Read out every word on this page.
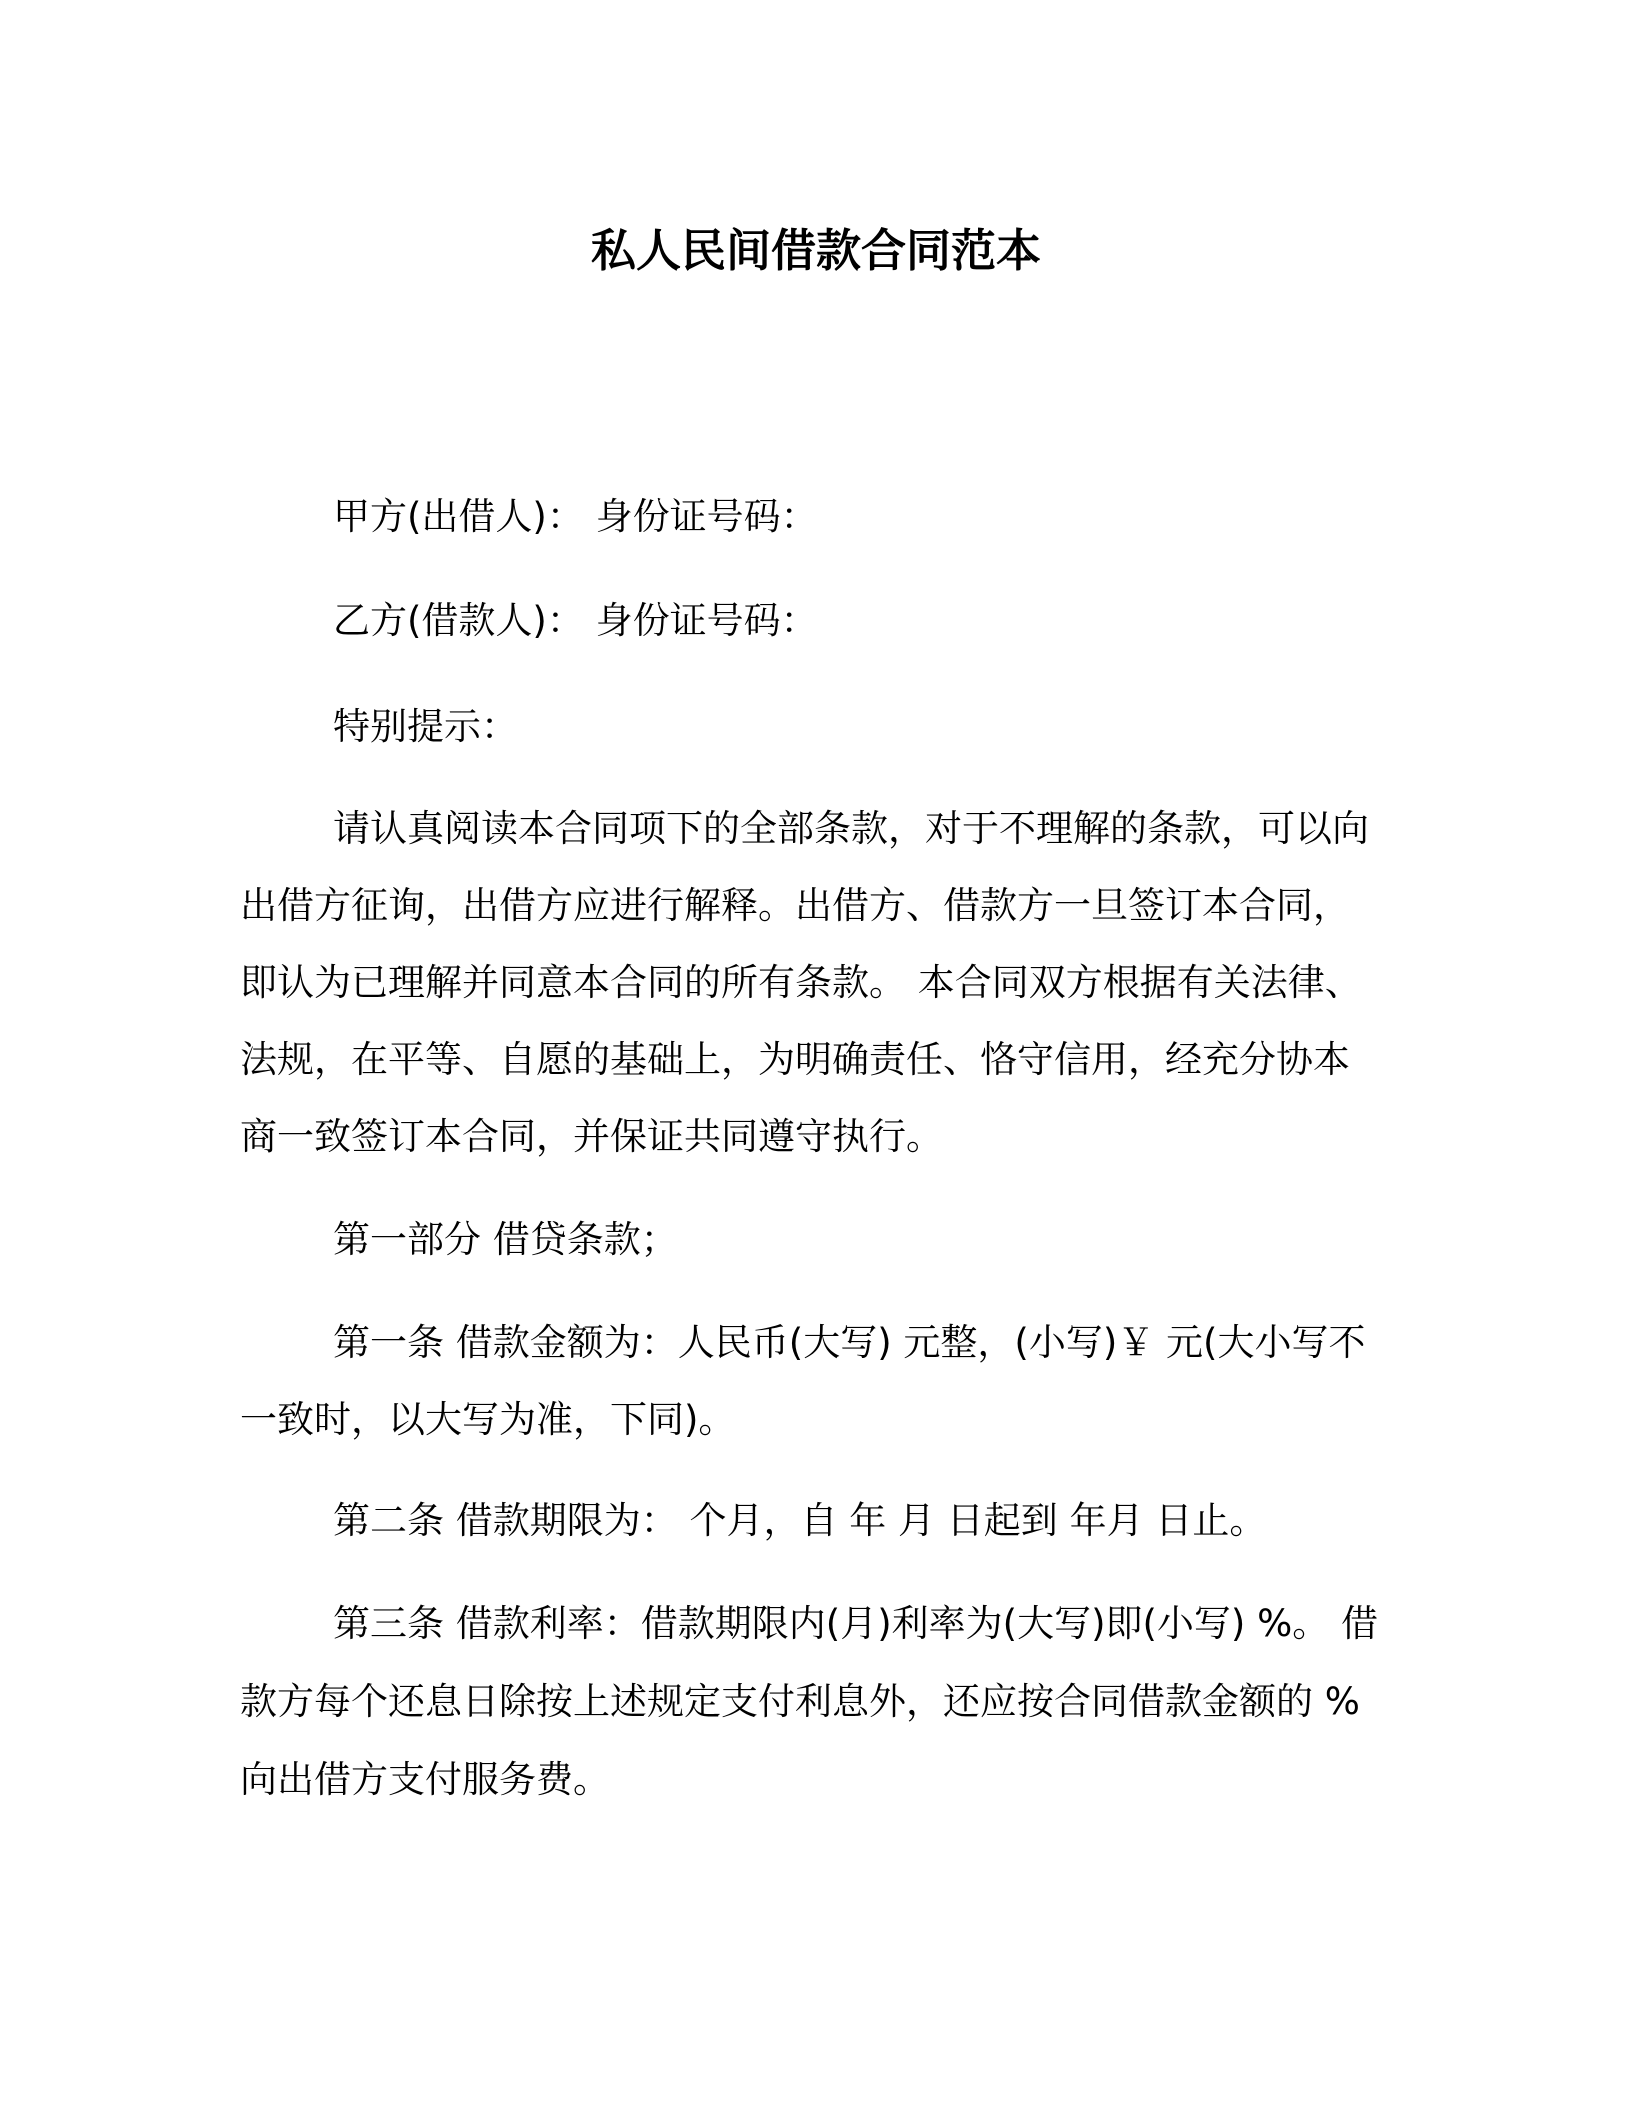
私人民间借款合同范本
甲方(出借人)： 身份证号码：
乙方(借款人)： 身份证号码：
特别提示：
请认真阅读本合同项下的全部条款，对于不理解的条款，可以向
出借方征询，出借方应进行解释。出借方、借款方一旦签订本合同，
即认为已理解并同意本合同的所有条款。 本合同双方根据有关法律、
法规，在平等、自愿的基础上，为明确责任、恪守信用，经充分协本
商一致签订本合同，并保证共同遵守执行。
第一部分 借贷条款；
第一条 借款金额为：人民币(大写) 元整，(小写)￥ 元(大小写不
一致时，以大写为准，下同)。
第二条 借款期限为： 个月，自 年 月 日起到 年月 日止。
第三条 借款利率：借款期限内(月)利率为(大写)即(小写) %。 借
款方每个还息日除按上述规定支付利息外，还应按合同借款金额的 %
向出借方支付服务费。
